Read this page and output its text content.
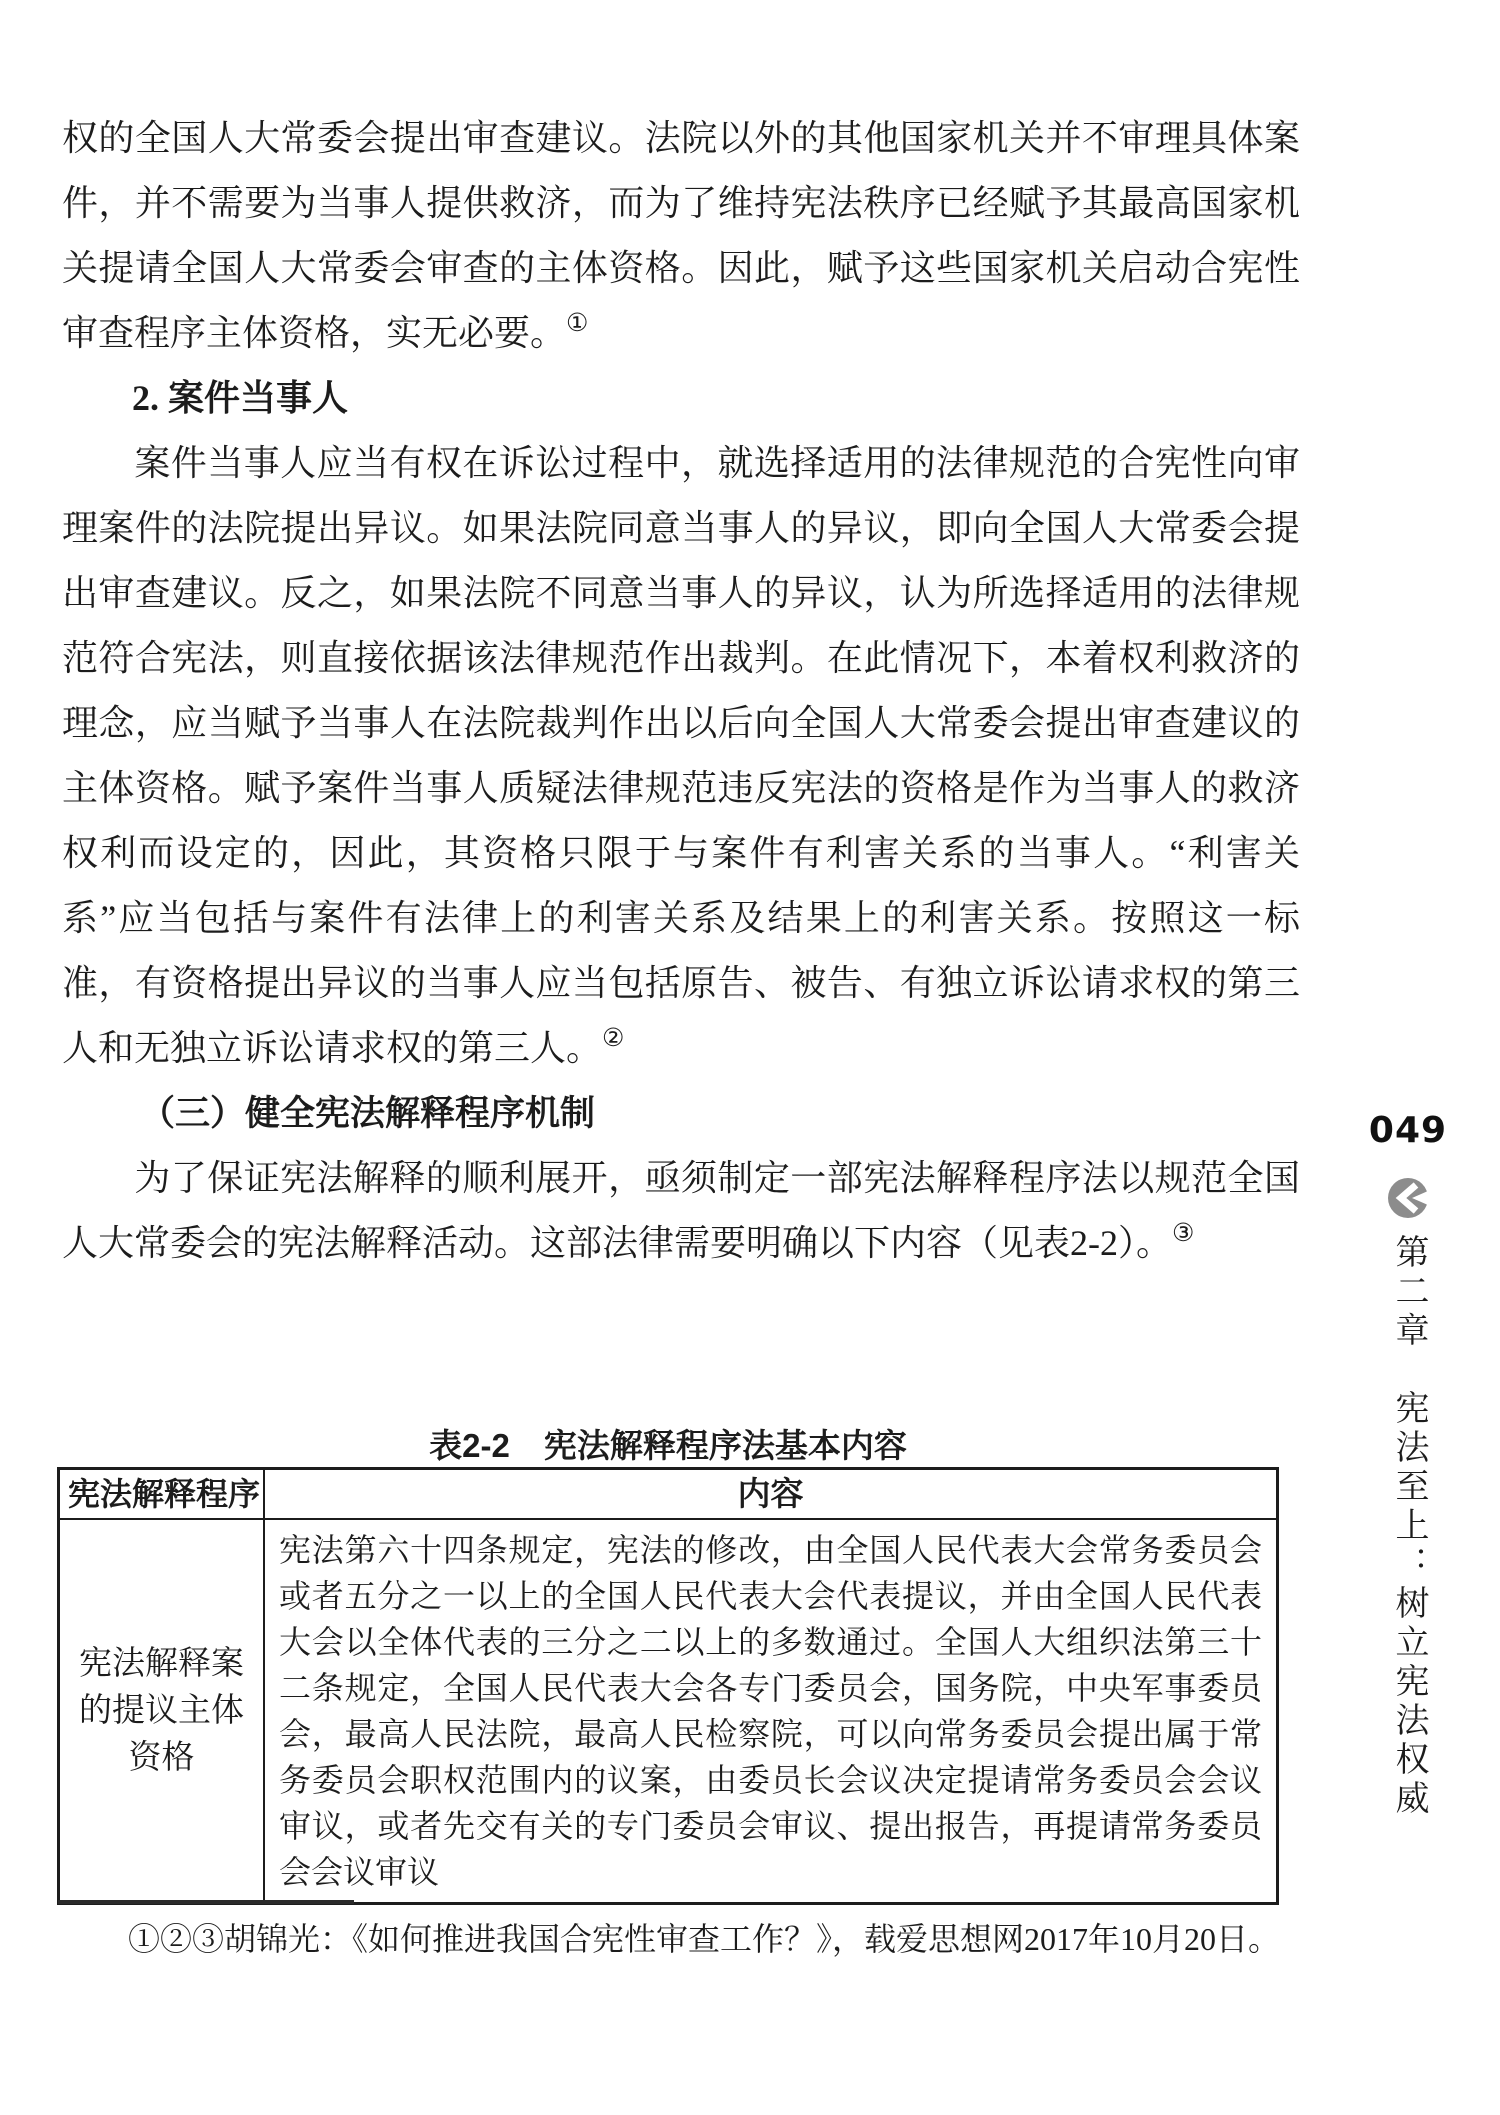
权的全国人大常委会提出审查建议。法院以外的其他国家机关并不审理具体案件，并不需要为当事人提供救济，而为了维持宪法秩序已经赋予其最高国家机关提请全国人大常委会审查的主体资格。因此，赋予这些国家机关启动合宪性审查程序主体资格，实无必要。①

2. 案件当事人

案件当事人应当有权在诉讼过程中，就选择适用的法律规范的合宪性向审理案件的法院提出异议。如果法院同意当事人的异议，即向全国人大常委会提出审查建议。反之，如果法院不同意当事人的异议，认为所选择适用的法律规范符合宪法，则直接依据该法律规范作出裁判。在此情况下，本着权利救济的理念，应当赋予当事人在法院裁判作出以后向全国人大常委会提出审查建议的主体资格。赋予案件当事人质疑法律规范违反宪法的资格是作为当事人的救济权利而设定的，因此，其资格只限于与案件有利害关系的当事人。“利害关系”应当包括与案件有法律上的利害关系及结果上的利害关系。按照这一标准，有资格提出异议的当事人应当包括原告、被告、有独立诉讼请求权的第三人和无独立诉讼请求权的第三人。②

（三）健全宪法解释程序机制

为了保证宪法解释的顺利展开，亟须制定一部宪法解释程序法以规范全国人大常委会的宪法解释活动。这部法律需要明确以下内容（见表2-2）。③

表2-2 宪法解释程序法基本内容
宪法解释程序	内容
宪法解释案的提议主体资格	宪法第六十四条规定，宪法的修改，由全国人民代表大会常务委员会或者五分之一以上的全国人民代表大会代表提议，并由全国人民代表大会以全体代表的三分之二以上的多数通过。全国人大组织法第三十二条规定，全国人民代表大会各专门委员会，国务院，中央军事委员会，最高人民法院，最高人民检察院，可以向常务委员会提出属于常务委员会职权范围内的议案，由委员长会议决定提请常务委员会会议审议，或者先交有关的专门委员会审议、提出报告，再提请常务委员会会议审议

①②③胡锦光：《如何推进我国合宪性审查工作？》，载爱思想网2017年10月20日。

049
第二章　宪法至上：树立宪法权威
